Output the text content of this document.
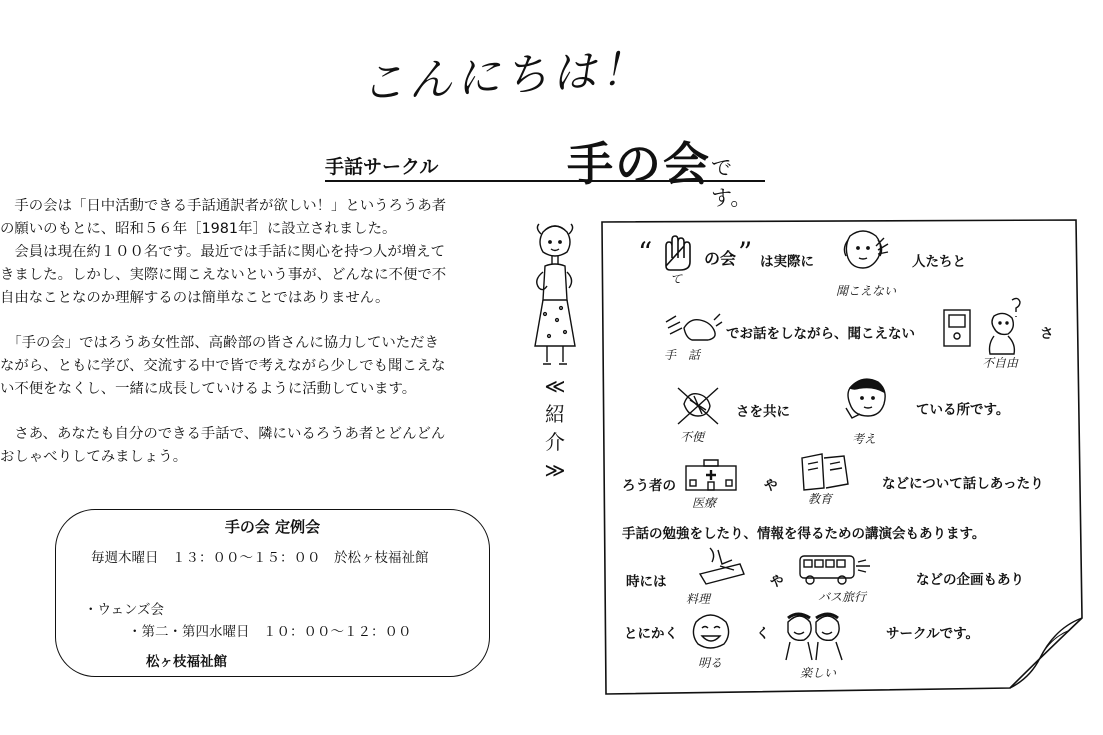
こんにちは！
手話サークル	手の会 です。

　手の会は「日中活動できる手話通訳者が欲しい！」というろうあ者
の願いのもとに、昭和５６年［1981年］に設立されました。
　会員は現在約１００名です。最近では手話に関心を持つ人が増えて
きました。しかし、実際に聞こえないという事が、どんなに不便で不
自由なことなのか理解するのは簡単なことではありません。

　「手の会」ではろうあ女性部、高齢部の皆さんに協力していただき
ながら、ともに学び、交流する中で皆で考えながら少しでも聞こえな
い不便をなくし、一緒に成長していけるように活動しています。

　さあ、あなたも自分のできる手話で、隣にいるろうあ者とどんどん
おしゃべりしてみましょう。

手の会 定例会
毎週木曜日　１３：００～１５：００　於松ヶ枝福祉館
・ウェンズ会
・第二・第四水曜日　１０：００～１２：００
松ヶ枝福祉館
≪
紹
介
≫
“
て
の会 ” は実際に
聞こえない
人たちと
手　話
でお話をしながら、聞こえない
不自由
さ
不便
さを共に
考え
ている所です。
ろう者の
医療
や
教育
などについて話しあったり
手話の勉強をしたり、情報を得るための講演会もあります。
時には
料理
や
バス旅行
などの企画もあり
とにかく
明る
く
楽しい
サークルです。
